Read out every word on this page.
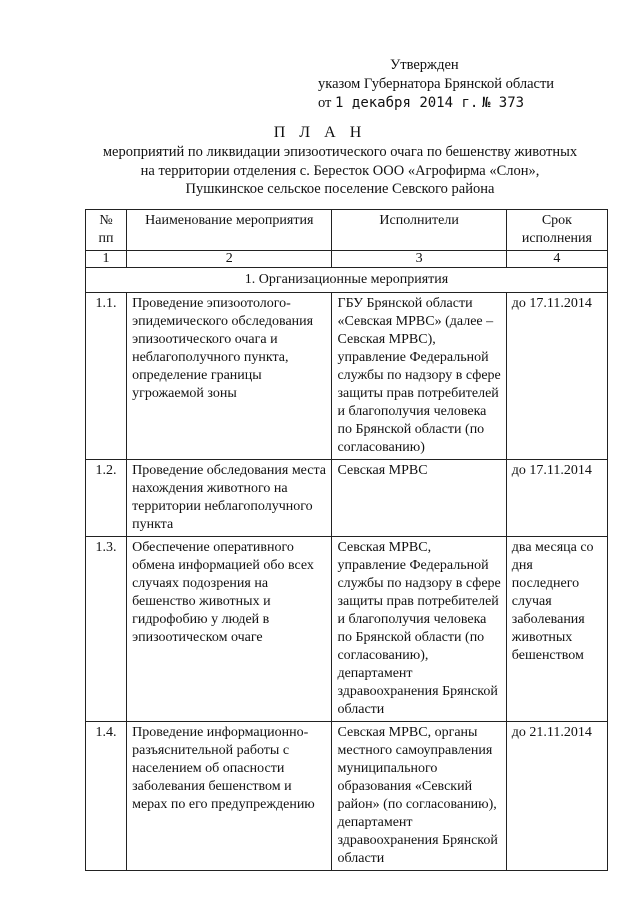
Утвержден
указом Губернатора Брянской области
от 1 декабря 2014 г. № 373
П Л А Н
мероприятий по ликвидации эпизоотического очага по бешенству животных
на территории отделения с. Бересток ООО «Агрофирма «Слон»,
Пушкинское сельское поселение Севского района
№ пп	Наименование мероприятия	Исполнители	Срок исполнения
1	2	3	4
1. Организационные мероприятия			
1.1.	Проведение эпизоотолого-эпидемического обследования эпизоотического очага и неблагополучного пункта, определение границы угрожаемой зоны	ГБУ Брянской области «Севская МРВС» (далее – Севская МРВС), управление Федеральной службы по надзору в сфере защиты прав потребителей и благополучия человека по Брянской области (по согласованию)	до 17.11.2014
1.2.	Проведение обследования места нахождения животного на территории неблагополучного пункта	Севская МРВС	до 17.11.2014
1.3.	Обеспечение оперативного обмена информацией обо всех случаях подозрения на бешенство животных и гидрофобию у людей в эпизоотическом очаге	Севская МРВС, управление Федеральной службы по надзору в сфере защиты прав потребителей и благополучия человека по Брянской области (по согласованию), департамент здравоохранения Брянской области	два месяца со дня последнего случая заболевания животных бешенством
1.4.	Проведение информационно-разъяснительной работы с населением об опасности заболевания бешенством и мерах по его предупреждению	Севская МРВС, органы местного самоуправления муниципального образования «Севский район» (по согласованию), департамент здравоохранения Брянской области	до 21.11.2014
